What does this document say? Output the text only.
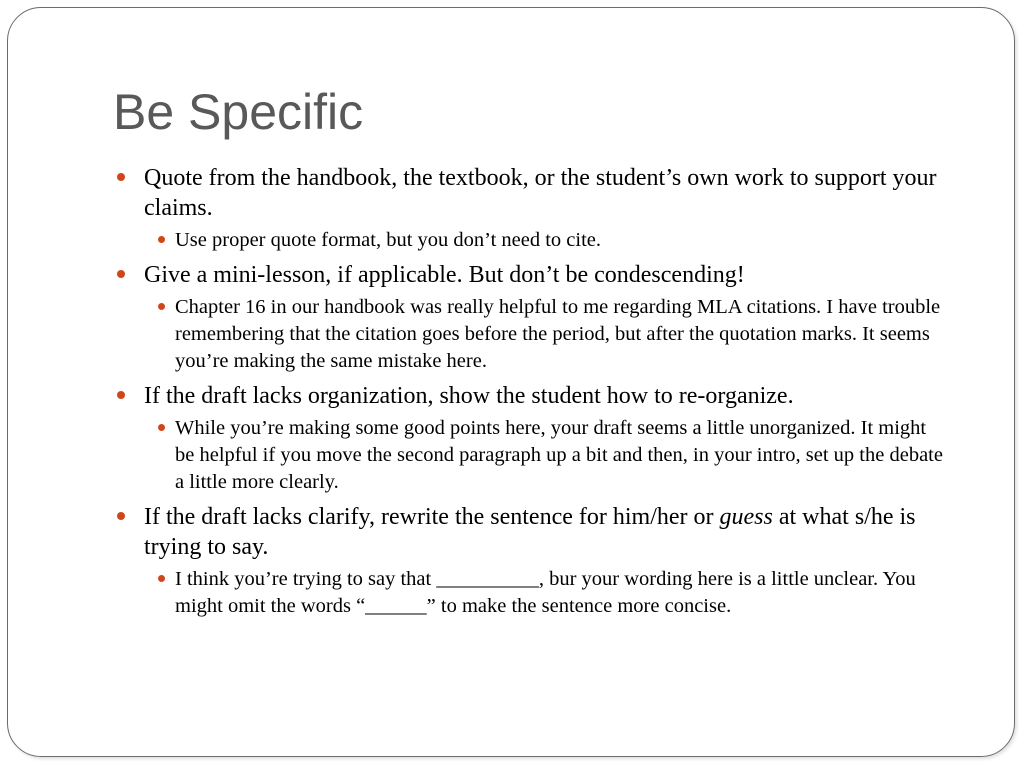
Be Specific
Quote from the handbook, the textbook, or the student’s own work to support your claims.
Use proper quote format, but you don’t need to cite.
Give a mini-lesson, if applicable. But don’t be condescending!
Chapter 16 in our handbook was really helpful to me regarding MLA citations. I have trouble remembering that the citation goes before the period, but after the quotation marks. It seems you’re making the same mistake here.
If the draft lacks organization, show the student how to re-organize.
While you’re making some good points here, your draft seems a little unorganized. It might be helpful if you move the second paragraph up a bit and then, in your intro, set up the debate a little more clearly.
If the draft lacks clarify, rewrite the sentence for him/her or guess at what s/he is trying to say.
I think you’re trying to say that __________, bur your wording here is a little unclear. You might omit the words “______” to make the sentence more concise.
